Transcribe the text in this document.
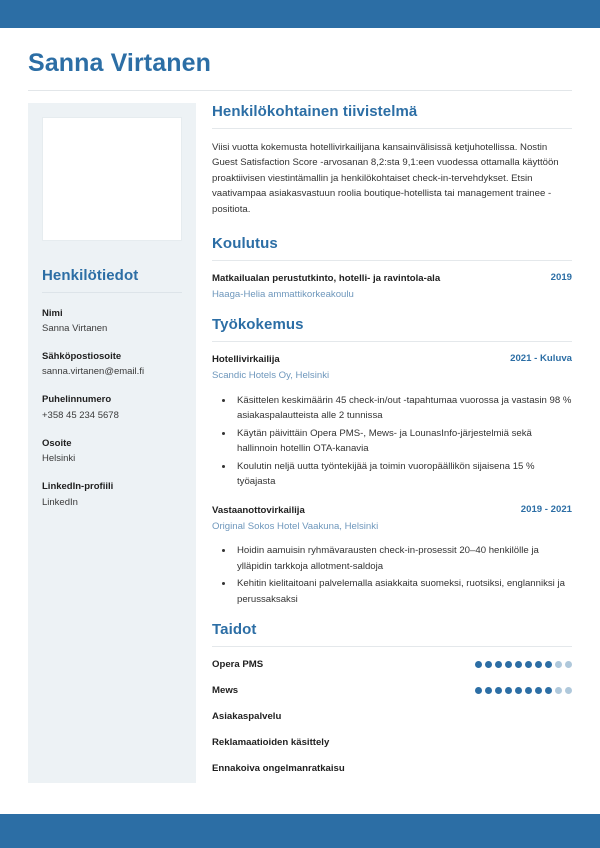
Sanna Virtanen
Henkilötiedot
Nimi
Sanna Virtanen
Sähköpostiosoite
sanna.virtanen@email.fi
Puhelinnumero
+358 45 234 5678
Osoite
Helsinki
LinkedIn-profiili
LinkedIn
Henkilökohtainen tiivistelmä
Viisi vuotta kokemusta hotellivirkailijana kansainvälisissä ketjuhotellissa. Nostin Guest Satisfaction Score -arvosanan 8,2:sta 9,1:een vuodessa ottamalla käyttöön proaktiivisen viestintämallin ja henkilökohtaiset check-in-tervehdykset. Etsin vaativampaa asiakasvastuun roolia boutique-hotellista tai management trainee -positiota.
Koulutus
Matkailualan perustutkinto, hotelli- ja ravintola-ala	2019
Haaga-Helia ammattikorkeakoulu
Työkokemus
Hotellivirkailija	2021 - Kuluva
Scandic Hotels Oy, Helsinki
• Käsittelen keskimäärin 45 check-in/out -tapahtumaa vuorossa ja vastasin 98 % asiakaspalautteista alle 2 tunnissa
• Käytän päivittäin Opera PMS-, Mews- ja LounasInfo-järjestelmiä sekä hallinnoin hotellin OTA-kanavia
• Koulutin neljä uutta työntekijää ja toimin vuoropäällikön sijaisena 15 % työajasta
Vastaanottovirkailija	2019 - 2021
Original Sokos Hotel Vaakuna, Helsinki
• Hoidin aamuisin ryhmävarausten check-in-prosessit 20–40 henkilölle ja ylläpidin tarkkoja allotment-saldoja
• Kehitin kielitaitoani palvelemalla asiakkaita suomeksi, ruotsiksi, englanniksi ja perussaksaksi
Taidot
Opera PMS
Mews
Asiakaspalvelu
Reklamaatioiden käsittely
Ennakoiva ongelmanratkaisu
